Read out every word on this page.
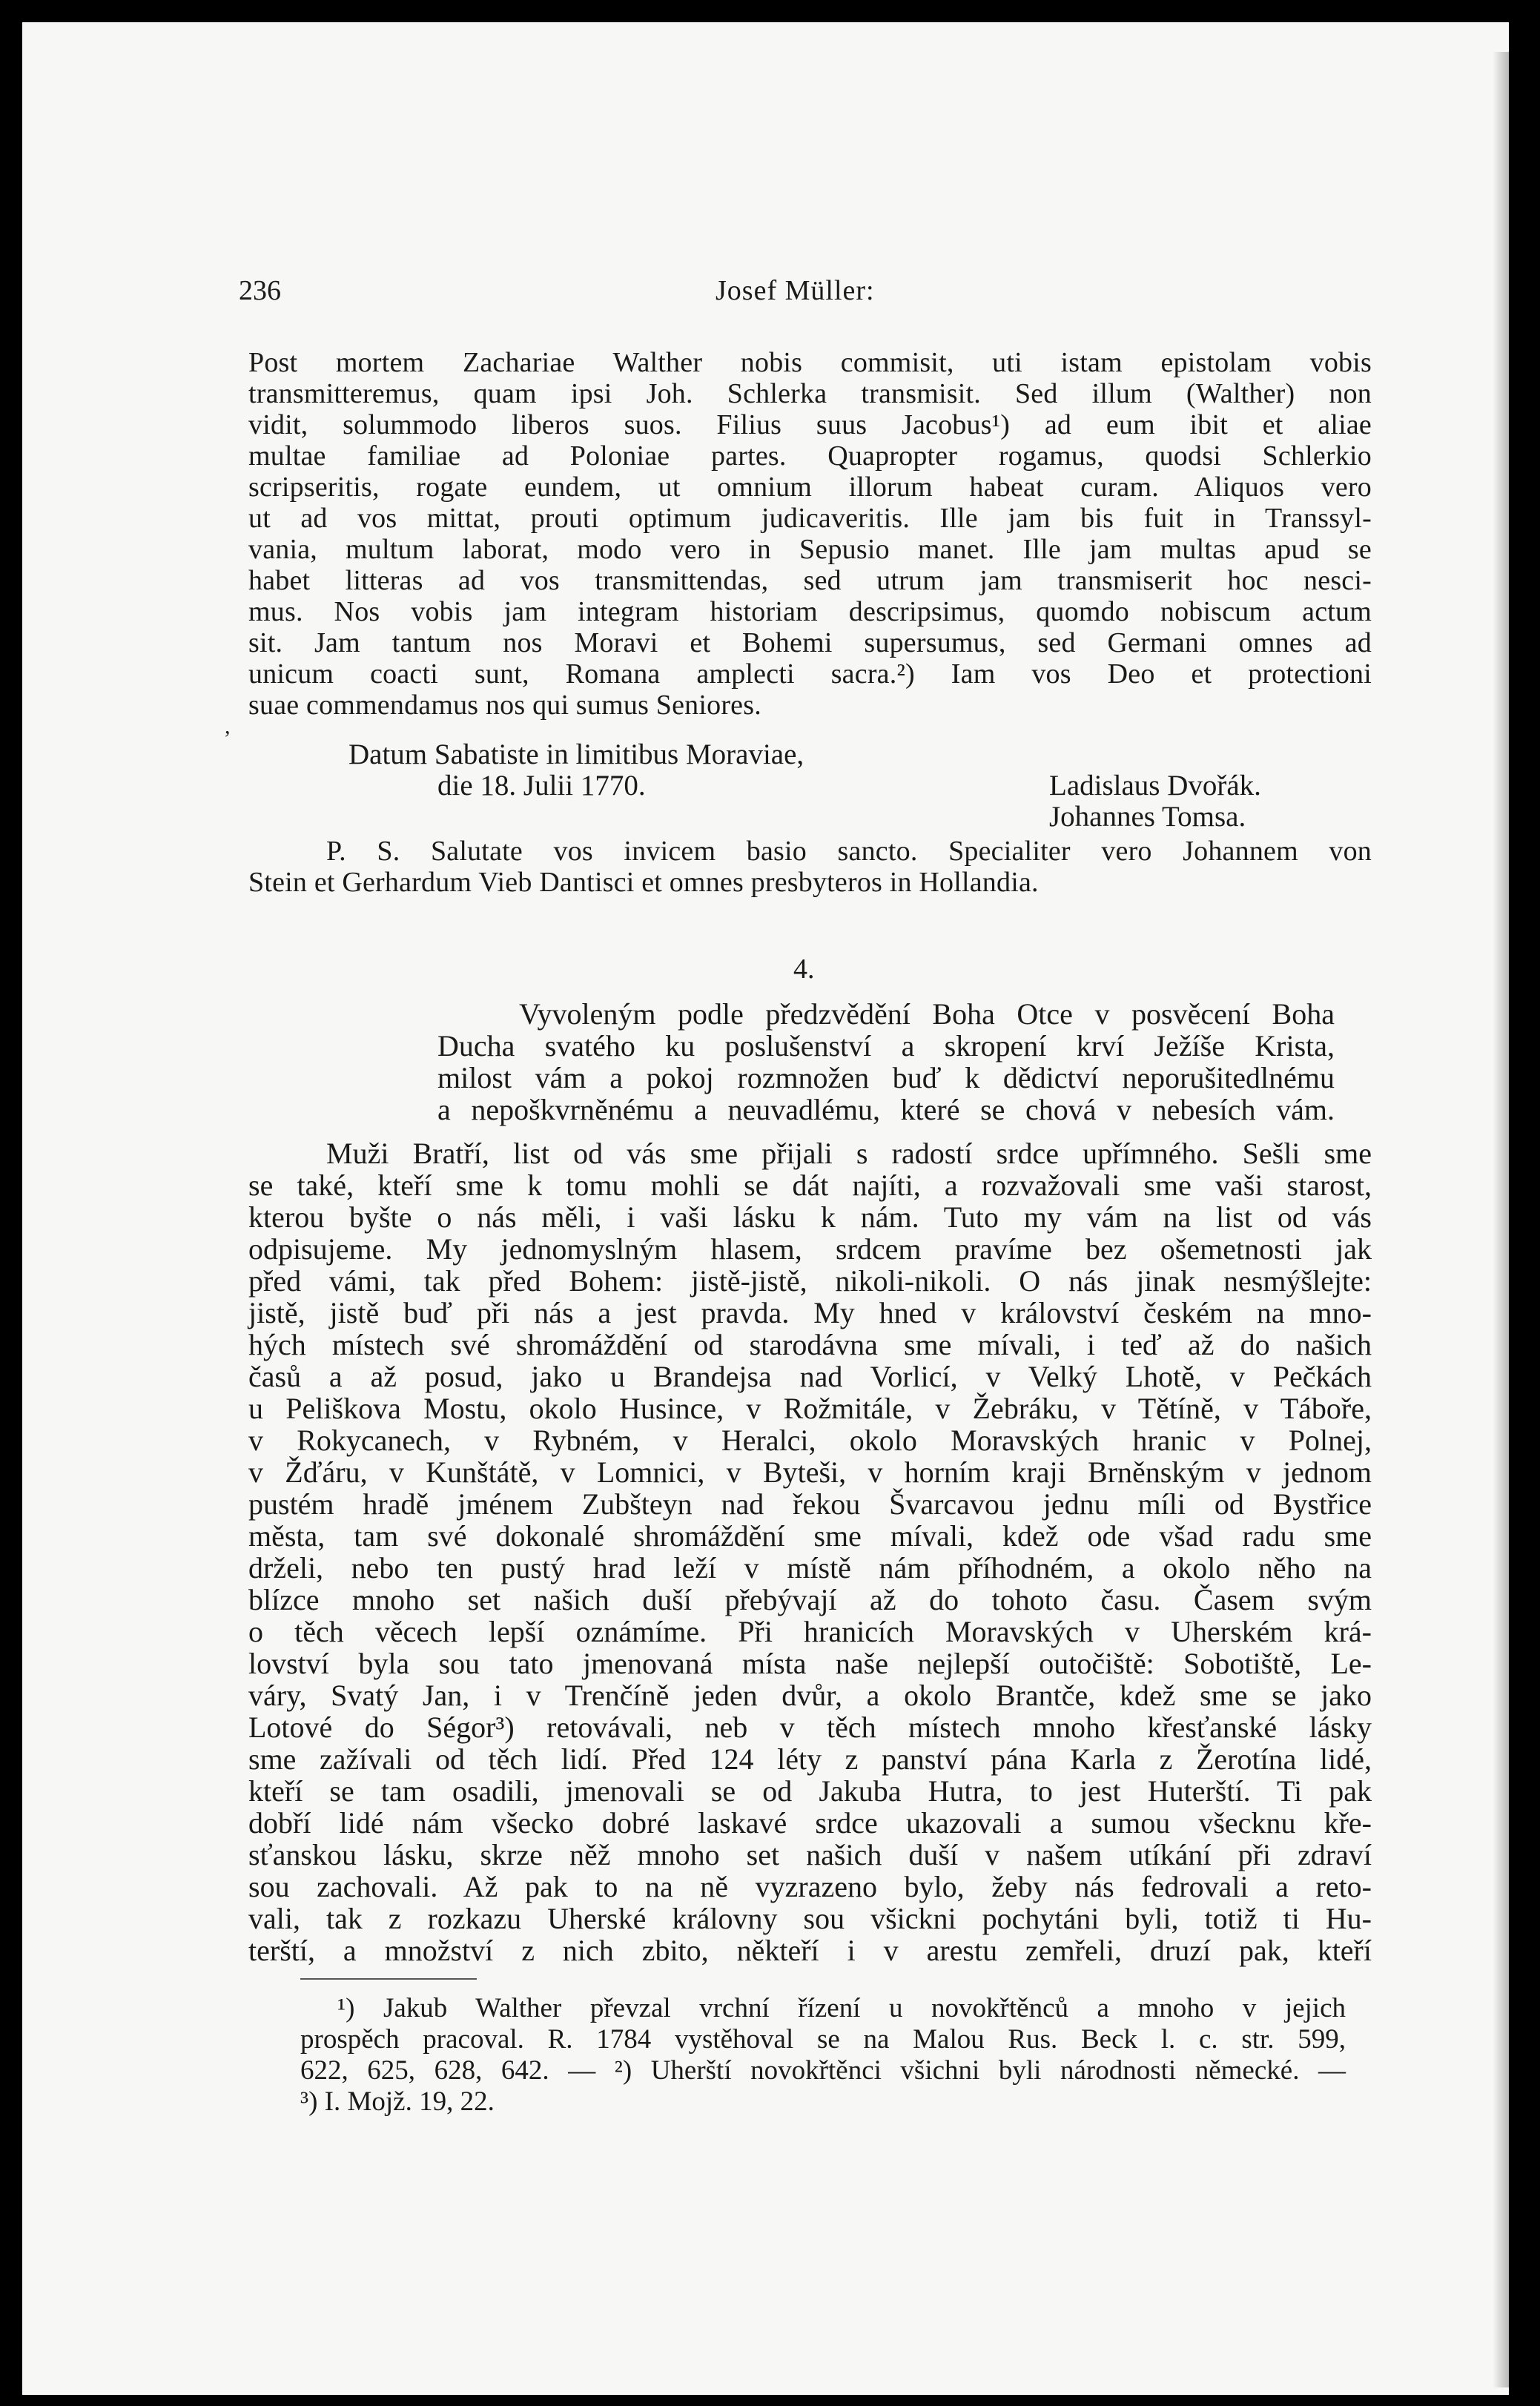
236	Josef Müller:
Post mortem Zachariae Walther nobis commisit, uti istam epistolam vobis
transmitteremus, quam ipsi Joh. Schlerka transmisit. Sed illum (Walther) non
vidit, solummodo liberos suos. Filius suus Jacobus¹) ad eum ibit et aliae
multae familiae ad Poloniae partes. Quapropter rogamus, quodsi Schlerkio
scripseritis, rogate eundem, ut omnium illorum habeat curam. Aliquos vero
ut ad vos mittat, prouti optimum judicaveritis. Ille jam bis fuit in Transsyl-
vania, multum laborat, modo vero in Sepusio manet. Ille jam multas apud se
habet litteras ad vos transmittendas, sed utrum jam transmiserit hoc nesci-
mus. Nos vobis jam integram historiam descripsimus, quomdo nobiscum actum
sit. Jam tantum nos Moravi et Bohemi supersumus, sed Germani omnes ad
unicum coacti sunt, Romana amplecti sacra.²) Iam vos Deo et protectioni
suae commendamus nos qui sumus Seniores.
,
Datum Sabatiste in limitibus Moraviae,
die 18. Julii 1770.	Ladislaus Dvořák.
Johannes Tomsa.
P. S. Salutate vos invicem basio sancto. Specialiter vero Johannem von
Stein et Gerhardum Vieb Dantisci et omnes presbyteros in Hollandia.
4.
Vyvoleným podle předzvědění Boha Otce v posvěcení Boha
Ducha svatého ku poslušenství a skropení krví Ježíše Krista,
milost vám a pokoj rozmnožen buď k dědictví neporušitedlnému
a nepoškvrněnému a neuvadlému, které se chová v nebesích vám.
Muži Bratří, list od vás sme přijali s radostí srdce upřímného. Sešli sme
se také, kteří sme k tomu mohli se dát najíti, a rozvažovali sme vaši starost,
kterou byšte o nás měli, i vaši lásku k nám. Tuto my vám na list od vás
odpisujeme. My jednomyslným hlasem, srdcem pravíme bez ošemetnosti jak
před vámi, tak před Bohem: jistě-jistě, nikoli-nikoli. O nás jinak nesmýšlejte:
jistě, jistě buď při nás a jest pravda. My hned v království českém na mno-
hých místech své shromáždění od starodávna sme mívali, i teď až do našich
časů a až posud, jako u Brandejsa nad Vorlicí, v Velký Lhotě, v Pečkách
u Peliškova Mostu, okolo Husince, v Rožmitále, v Žebráku, v Tětíně, v Táboře,
v Rokycanech, v Rybném, v Heralci, okolo Moravských hranic v Polnej,
v Žďáru, v Kunštátě, v Lomnici, v Byteši, v horním kraji Brněnským v jednom
pustém hradě jménem Zubšteyn nad řekou Švarcavou jednu míli od Bystřice
města, tam své dokonalé shromáždění sme mívali, kdež ode všad radu sme
drželi, nebo ten pustý hrad leží v místě nám příhodném, a okolo něho na
blízce mnoho set našich duší přebývají až do tohoto času. Časem svým
o těch věcech lepší oznámíme. Při hranicích Moravských v Uherském krá-
lovství byla sou tato jmenovaná místa naše nejlepší outočiště: Sobotiště, Le-
váry, Svatý Jan, i v Trenčíně jeden dvůr, a okolo Brantče, kdež sme se jako
Lotové do Ségor³) retovávali, neb v těch místech mnoho křesťanské lásky
sme zažívali od těch lidí. Před 124 léty z panství pána Karla z Žerotína lidé,
kteří se tam osadili, jmenovali se od Jakuba Hutra, to jest Huterští. Ti pak
dobří lidé nám všecko dobré laskavé srdce ukazovali a sumou všecknu kře-
sťanskou lásku, skrze něž mnoho set našich duší v našem utíkání při zdraví
sou zachovali. Až pak to na ně vyzrazeno bylo, žeby nás fedrovali a reto-
vali, tak z rozkazu Uherské královny sou všickni pochytáni byli, totiž ti Hu-
terští, a množství z nich zbito, někteří i v arestu zemřeli, druzí pak, kteří
¹) Jakub Walther převzal vrchní řízení u novokřtěnců a mnoho v jejich
prospěch pracoval. R. 1784 vystěhoval se na Malou Rus. Beck l. c. str. 599,
622, 625, 628, 642. — ²) Uherští novokřtěnci všichni byli národnosti německé. —
³) I. Mojž. 19, 22.
